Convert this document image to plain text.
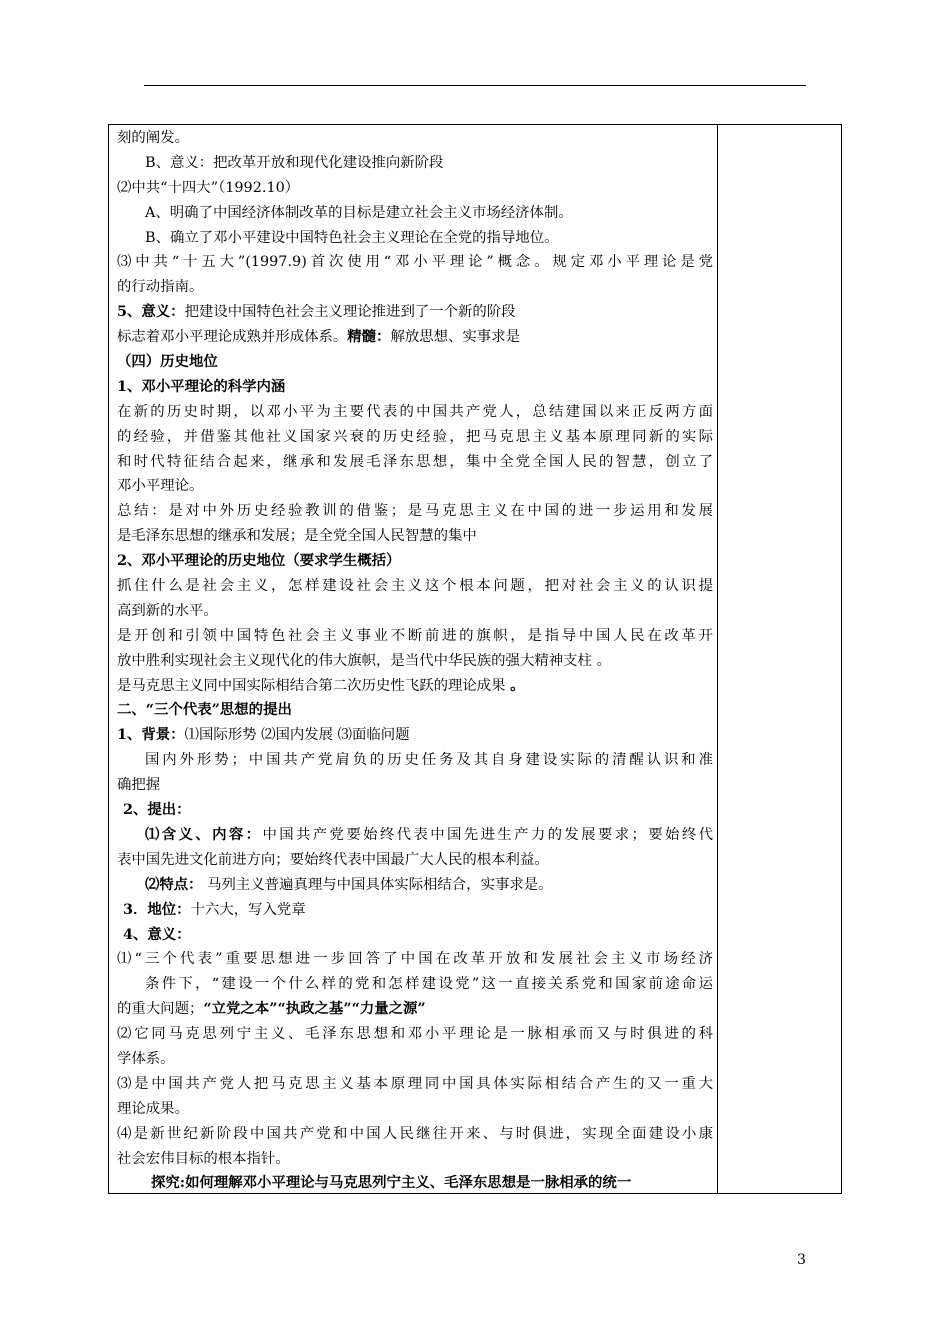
刻的阐发。
B、意义：把改革开放和现代化建设推向新阶段
⑵中共“十四大”（1992.10）
A、明确了中国经济体制改革的目标是建立社会主义市场经济体制。
B、确立了邓小平建设中国特色社会主义理论在全党的指导地位。
⑶中共“十五大”(1997.9)首次使用“邓小平理论”概念。规定邓小平理论是党
的行动指南。
5、意义：把建设中国特色社会主义理论推进到了一个新的阶段
标志着邓小平理论成熟并形成体系。精髓：解放思想、实事求是
（四）历史地位
1、邓小平理论的科学内涵
在新的历史时期，以邓小平为主要代表的中国共产党人，总结建国以来正反两方面
的经验，并借鉴其他社义国家兴衰的历史经验，把马克思主义基本原理同新的实际
和时代特征结合起来，继承和发展毛泽东思想，集中全党全国人民的智慧，创立了
邓小平理论。
总结：是对中外历史经验教训的借鉴；是马克思主义在中国的进一步运用和发展
是毛泽东思想的继承和发展；是全党全国人民智慧的集中
2、邓小平理论的历史地位（要求学生概括）
抓住什么是社会主义，怎样建设社会主义这个根本问题，把对社会主义的认识提
高到新的水平。
是开创和引领中国特色社会主义事业不断前进的旗帜，是指导中国人民在改革开
放中胜利实现社会主义现代化的伟大旗帜，是当代中华民族的强大精神支柱 。
是马克思主义同中国实际相结合第二次历史性飞跃的理论成果 。
二、“三个代表”思想的提出
1、背景：⑴国际形势 ⑵国内发展 ⑶面临问题
国内外形势；中国共产党肩负的历史任务及其自身建设实际的清醒认识和准
确把握
2、提出：
⑴含义、内容：中国共产党要始终代表中国先进生产力的发展要求；要始终代
表中国先进文化前进方向；要始终代表中国最广大人民的根本利益。
⑵特点： 马列主义普遍真理与中国具体实际相结合，实事求是。
3．地位：十六大，写入党章
4、意义：
⑴“三个代表”重要思想进一步回答了中国在改革开放和发展社会主义市场经济
条件下，“建设一个什么样的党和怎样建设党”这一直接关系党和国家前途命运
的重大问题；“立党之本”“执政之基”“力量之源”
⑵它同马克思列宁主义、毛泽东思想和邓小平理论是一脉相承而又与时俱进的科
学体系。
⑶是中国共产党人把马克思主义基本原理同中国具体实际相结合产生的又一重大
理论成果。
⑷是新世纪新阶段中国共产党和中国人民继往开来、与时俱进，实现全面建设小康
社会宏伟目标的根本指针。
探究:如何理解邓小平理论与马克思列宁主义、毛泽东思想是一脉相承的统一
3
